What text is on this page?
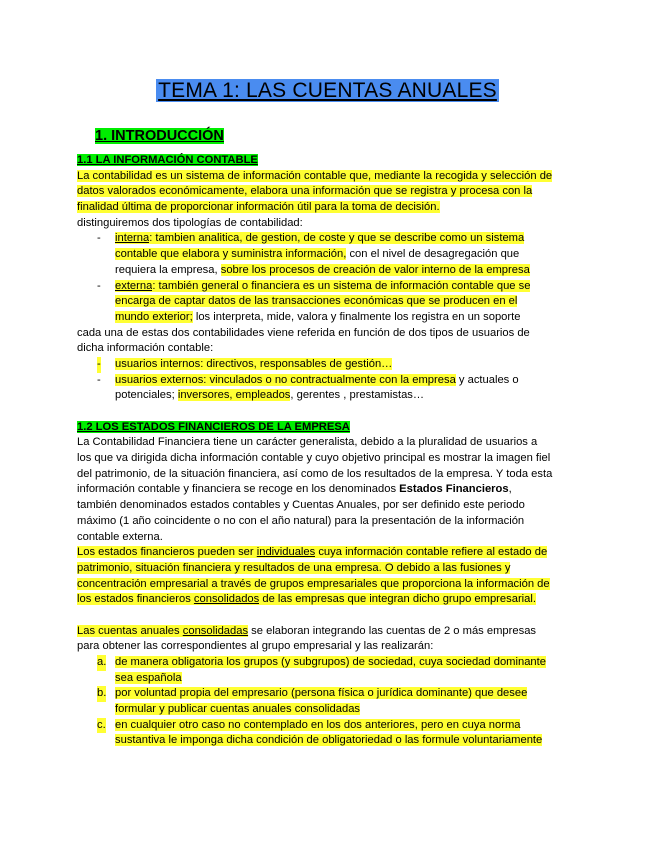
TEMA 1: LAS CUENTAS ANUALES
1. INTRODUCCIÓN
1.1 LA INFORMACIÓN CONTABLE
La contabilidad es un sistema de información contable que, mediante la recogida y selección de
datos valorados económicamente, elabora una información que se registra y procesa con la
finalidad última de proporcionar información útil para la toma de decisión.
distinguiremos dos tipologías de contabilidad:
- interna: tambien analitica, de gestion, de coste y que se describe como un sistema
contable que elabora y suministra información, con el nivel de desagregación que
requiera la empresa, sobre los procesos de creación de valor interno de la empresa
- externa: también general o financiera es un sistema de información contable que se
encarga de captar datos de las transacciones económicas que se producen en el
mundo exterior; los interpreta, mide, valora y finalmente los registra en un soporte
cada una de estas dos contabilidades viene referida en función de dos tipos de usuarios de
dicha información contable:
- usuarios internos: directivos, responsables de gestión…
- usuarios externos: vinculados o no contractualmente con la empresa y actuales o
potenciales; inversores, empleados, gerentes , prestamistas…
1.2 LOS ESTADOS FINANCIEROS DE LA EMPRESA
La Contabilidad Financiera tiene un carácter generalista, debido a la pluralidad de usuarios a
los que va dirigida dicha información contable y cuyo objetivo principal es mostrar la imagen fiel
del patrimonio, de la situación financiera, así como de los resultados de la empresa. Y toda esta
información contable y financiera se recoge en los denominados Estados Financieros,
también denominados estados contables y Cuentas Anuales, por ser definido este periodo
máximo (1 año coincidente o no con el año natural) para la presentación de la información
contable externa.
Los estados financieros pueden ser individuales cuya información contable refiere al estado de
patrimonio, situación financiera y resultados de una empresa. O debido a las fusiones y
concentración empresarial a través de grupos empresariales que proporciona la información de
los estados financieros consolidados de las empresas que integran dicho grupo empresarial.
Las cuentas anuales consolidadas se elaboran integrando las cuentas de 2 o más empresas
para obtener las correspondientes al grupo empresarial y las realizarán:
a. de manera obligatoria los grupos (y subgrupos) de sociedad, cuya sociedad dominante
sea española
b. por voluntad propia del empresario (persona física o jurídica dominante) que desee
formular y publicar cuentas anuales consolidadas
c. en cualquier otro caso no contemplado en los dos anteriores, pero en cuya norma
sustantiva le imponga dicha condición de obligatoriedad o las formule voluntariamente
